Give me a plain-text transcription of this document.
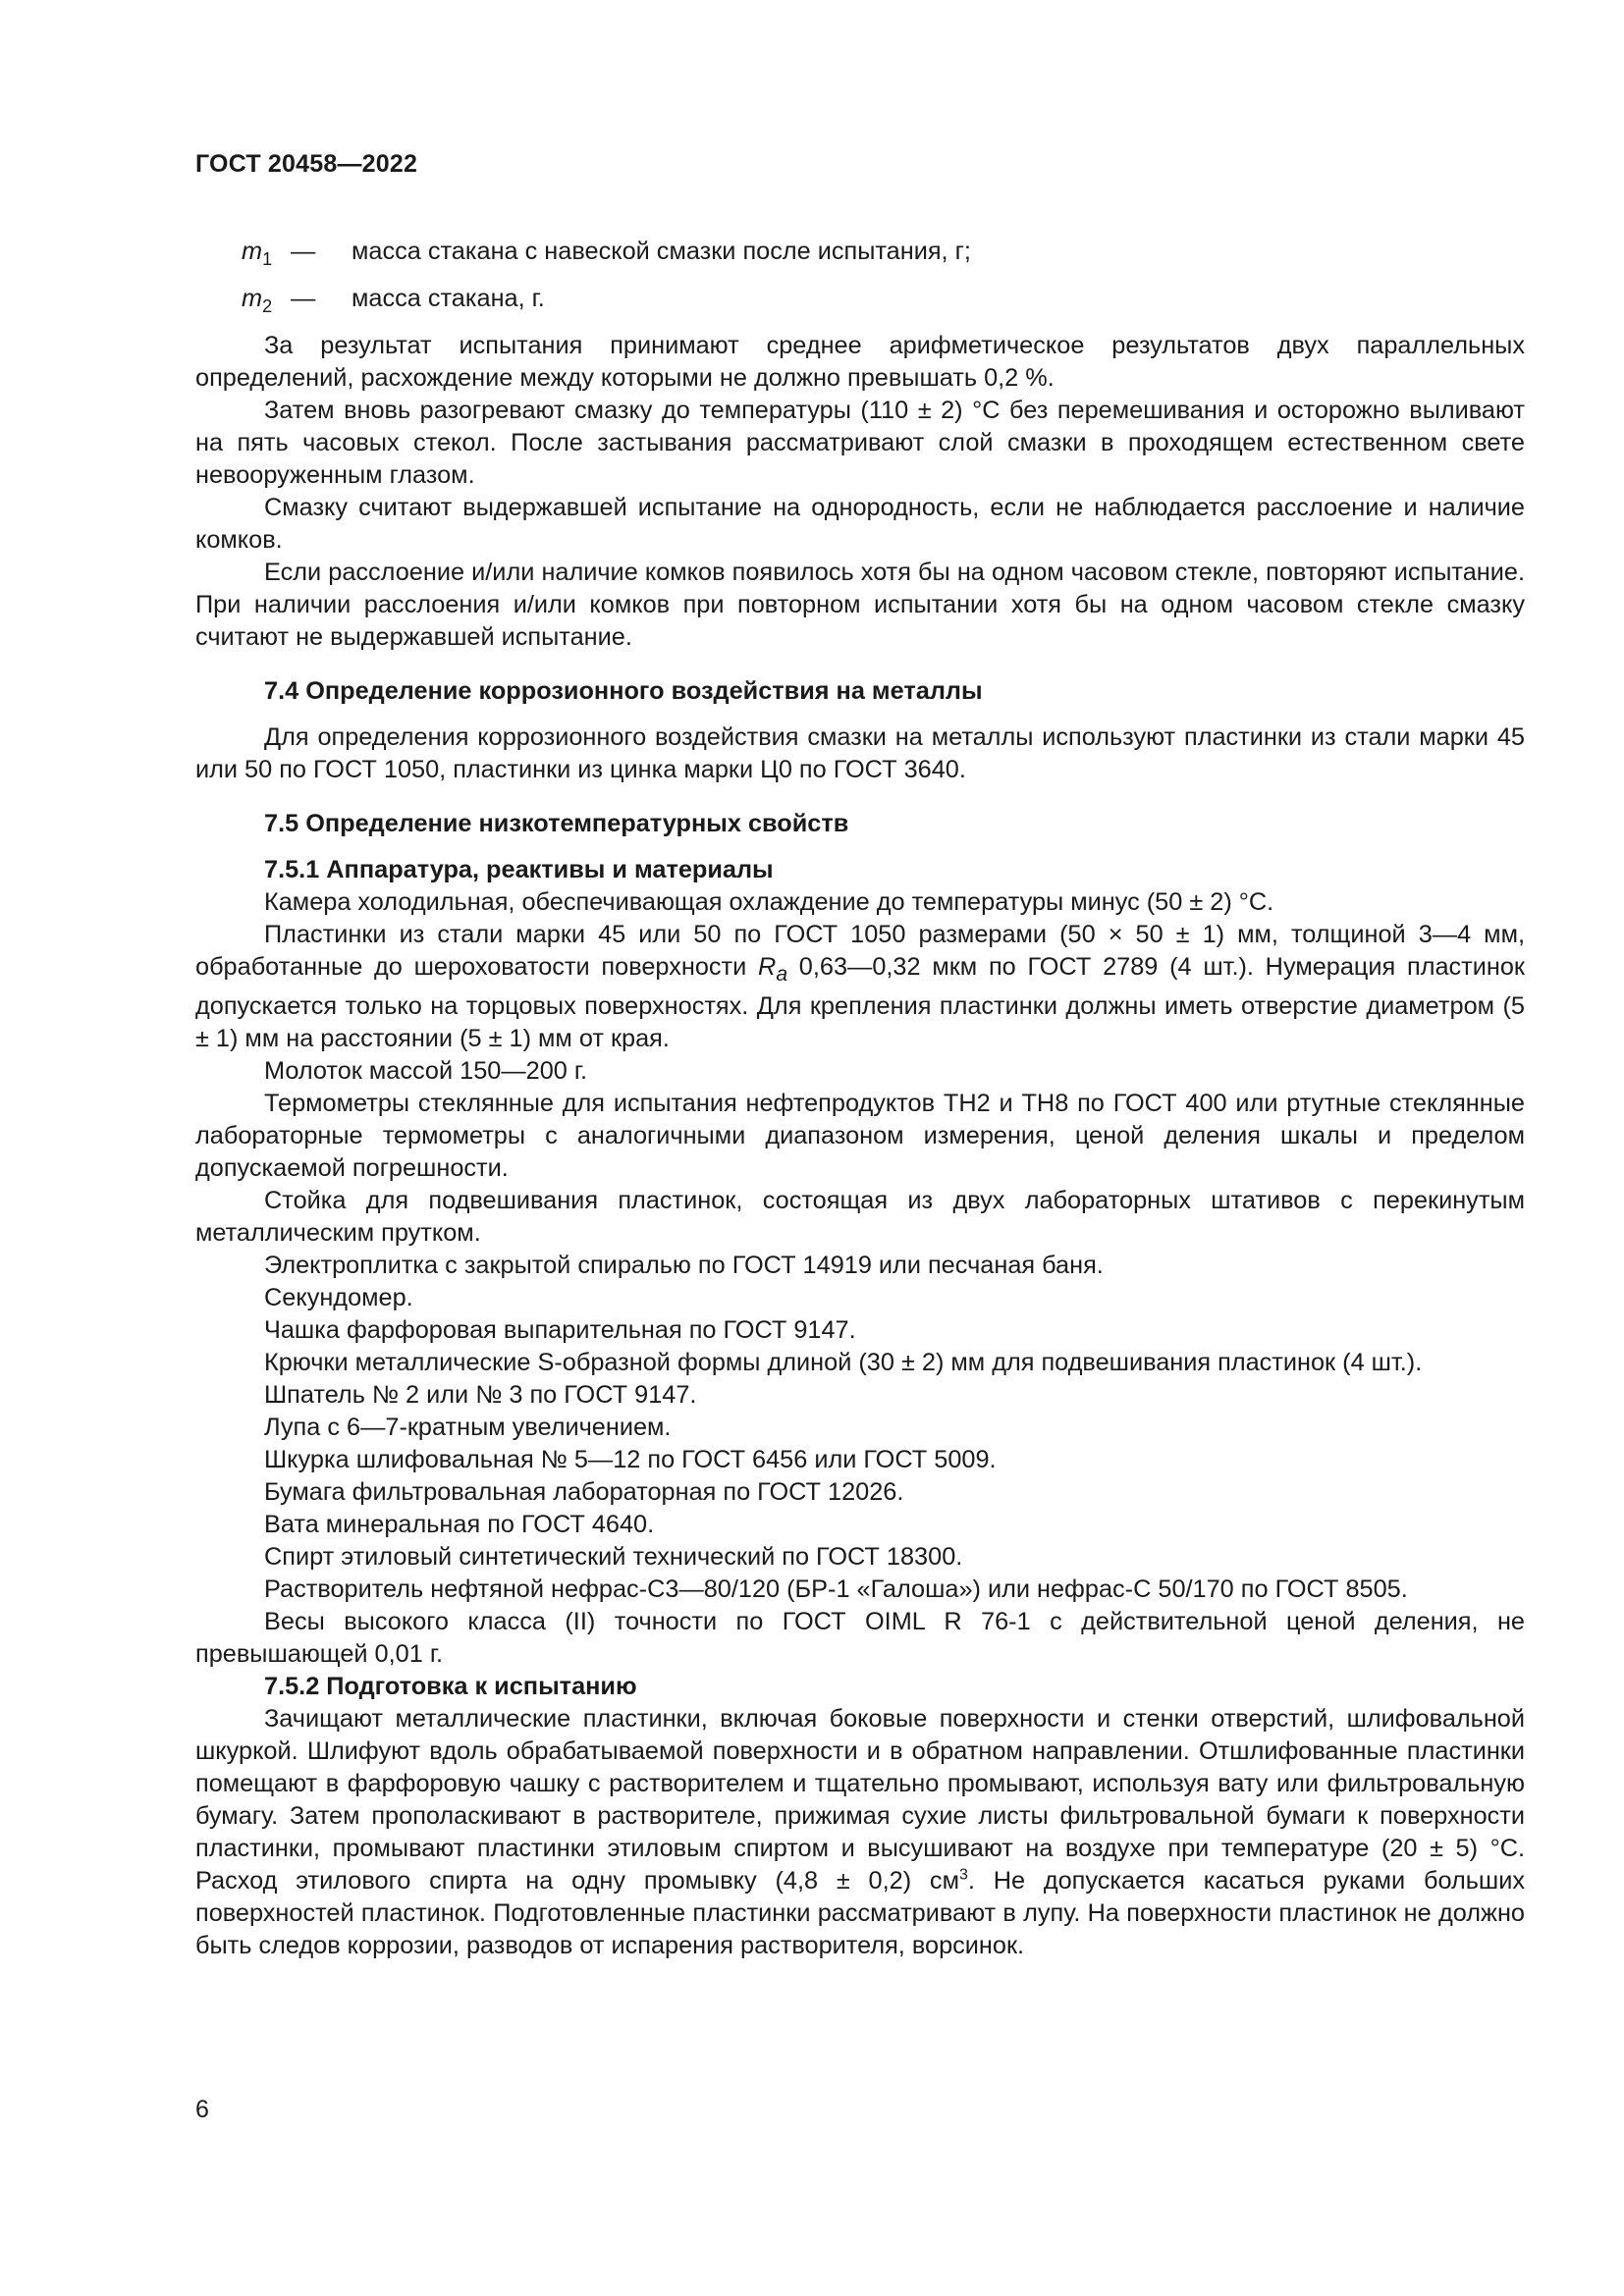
ГОСТ 20458—2022
$m_1$ —	масса стакана с навеской смазки после испытания, г;
$m_2$ —	масса стакана, г.

За результат испытания принимают среднее арифметическое результатов двух параллельных определений, расхождение между которыми не должно превышать 0,2 %.

Затем вновь разогревают смазку до температуры (110 ± 2) °С без перемешивания и осторожно выливают на пять часовых стекол. После застывания рассматривают слой смазки в проходящем естественном свете невооруженным глазом.

Смазку считают выдержавшей испытание на однородность, если не наблюдается расслоение и наличие комков.

Если расслоение и/или наличие комков появилось хотя бы на одном часовом стекле, повторяют испытание. При наличии расслоения и/или комков при повторном испытании хотя бы на одном часовом стекле смазку считают не выдержавшей испытание.

7.4 Определение коррозионного воздействия на металлы

Для определения коррозионного воздействия смазки на металлы используют пластинки из стали марки 45 или 50 по ГОСТ 1050, пластинки из цинка марки Ц0 по ГОСТ 3640.

7.5 Определение низкотемпературных свойств

7.5.1 Аппаратура, реактивы и материалы

Камера холодильная, обеспечивающая охлаждение до температуры минус (50 ± 2) °С.

Пластинки из стали марки 45 или 50 по ГОСТ 1050 размерами (50 × 50 ± 1) мм, толщиной 3—4 мм, обработанные до шероховатости поверхности $R_a$ 0,63—0,32 мкм по ГОСТ 2789 (4 шт.). Нумерация пластинок допускается только на торцовых поверхностях. Для крепления пластинки должны иметь отверстие диаметром (5 ± 1) мм на расстоянии (5 ± 1) мм от края.

Молоток массой 150—200 г.

Термометры стеклянные для испытания нефтепродуктов ТН2 и ТН8 по ГОСТ 400 или ртутные стеклянные лабораторные термометры с аналогичными диапазоном измерения, ценой деления шкалы и пределом допускаемой погрешности.

Стойка для подвешивания пластинок, состоящая из двух лабораторных штативов с перекинутым металлическим прутком.

Электроплитка с закрытой спиралью по ГОСТ 14919 или песчаная баня.

Секундомер.

Чашка фарфоровая выпарительная по ГОСТ 9147.

Крючки металлические S-образной формы длиной (30 ± 2) мм для подвешивания пластинок (4 шт.).

Шпатель № 2 или № 3 по ГОСТ 9147.

Лупа с 6—7-кратным увеличением.

Шкурка шлифовальная № 5—12 по ГОСТ 6456 или ГОСТ 5009.

Бумага фильтровальная лабораторная по ГОСТ 12026.

Вата минеральная по ГОСТ 4640.

Спирт этиловый синтетический технический по ГОСТ 18300.

Растворитель нефтяной нефрас-С3—80/120 (БР-1 «Галоша») или нефрас-С 50/170 по ГОСТ 8505.

Весы высокого класса (II) точности по ГОСТ OIML R 76-1 с действительной ценой деления, не превышающей 0,01 г.

7.5.2 Подготовка к испытанию

Зачищают металлические пластинки, включая боковые поверхности и стенки отверстий, шлифовальной шкуркой. Шлифуют вдоль обрабатываемой поверхности и в обратном направлении. Отшлифованные пластинки помещают в фарфоровую чашку с растворителем и тщательно промывают, используя вату или фильтровальную бумагу. Затем прополаскивают в растворителе, прижимая сухие листы фильтровальной бумаги к поверхности пластинки, промывают пластинки этиловым спиртом и высушивают на воздухе при температуре (20 ± 5) °С. Расход этилового спирта на одну промывку (4,8 ± 0,2) $см^3$. Не допускается касаться руками больших поверхностей пластинок. Подготовленные пластинки рассматривают в лупу. На поверхности пластинок не должно быть следов коррозии, разводов от испарения растворителя, ворсинок.

6
